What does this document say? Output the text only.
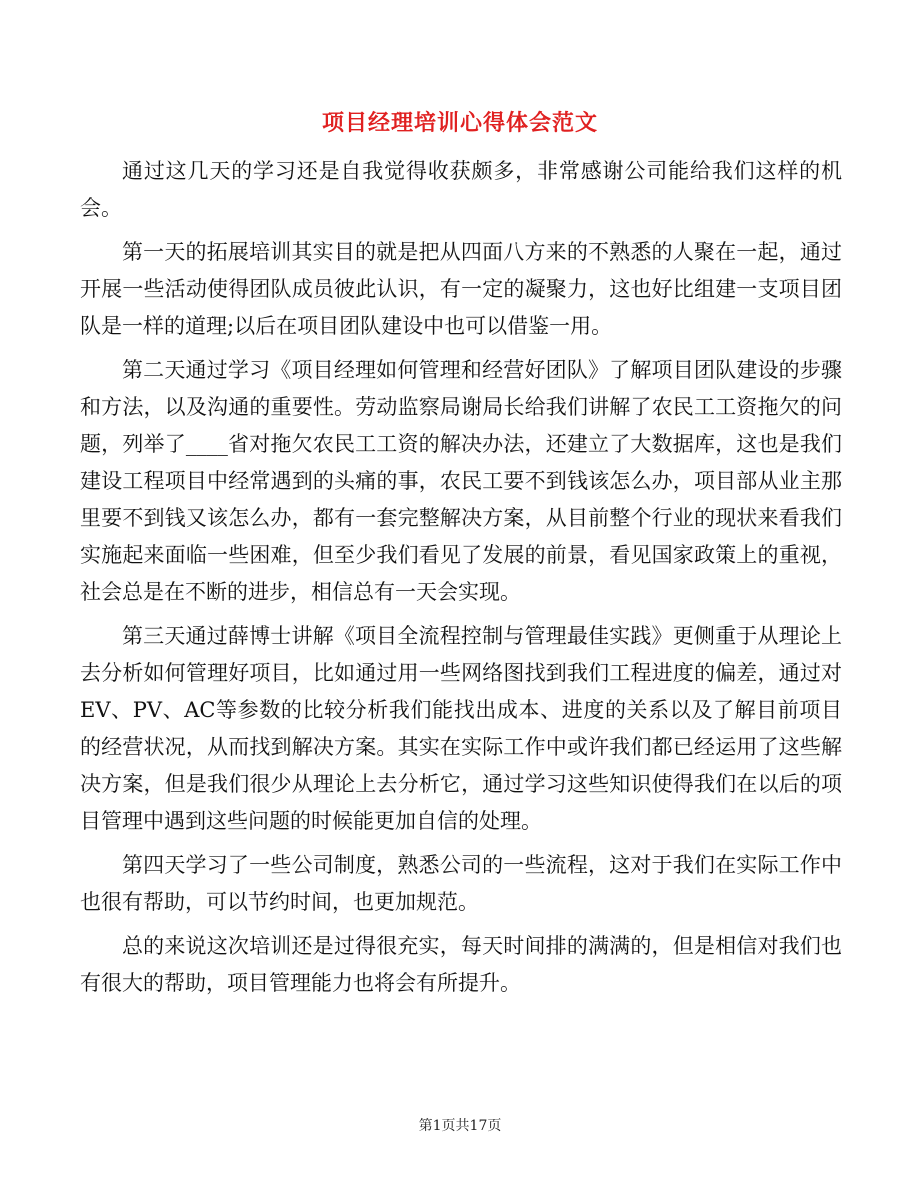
项目经理培训心得体会范文

通过这几天的学习还是自我觉得收获颇多，非常感谢公司能给我们这样的机会。

第一天的拓展培训其实目的就是把从四面八方来的不熟悉的人聚在一起，通过开展一些活动使得团队成员彼此认识，有一定的凝聚力，这也好比组建一支项目团队是一样的道理;以后在项目团队建设中也可以借鉴一用。

第二天通过学习《项目经理如何管理和经营好团队》了解项目团队建设的步骤和方法，以及沟通的重要性。劳动监察局谢局长给我们讲解了农民工工资拖欠的问题，列举了____省对拖欠农民工工资的解决办法，还建立了大数据库，这也是我们建设工程项目中经常遇到的头痛的事，农民工要不到钱该怎么办，项目部从业主那里要不到钱又该怎么办，都有一套完整解决方案，从目前整个行业的现状来看我们实施起来面临一些困难，但至少我们看见了发展的前景，看见国家政策上的重视，社会总是在不断的进步，相信总有一天会实现。

第三天通过薛博士讲解《项目全流程控制与管理最佳实践》更侧重于从理论上去分析如何管理好项目，比如通过用一些网络图找到我们工程进度的偏差，通过对EV、PV、AC等参数的比较分析我们能找出成本、进度的关系以及了解目前项目的经营状况，从而找到解决方案。其实在实际工作中或许我们都已经运用了这些解决方案，但是我们很少从理论上去分析它，通过学习这些知识使得我们在以后的项目管理中遇到这些问题的时候能更加自信的处理。

第四天学习了一些公司制度，熟悉公司的一些流程，这对于我们在实际工作中也很有帮助，可以节约时间，也更加规范。

总的来说这次培训还是过得很充实，每天时间排的满满的，但是相信对我们也有很大的帮助，项目管理能力也将会有所提升。

第1页共17页
